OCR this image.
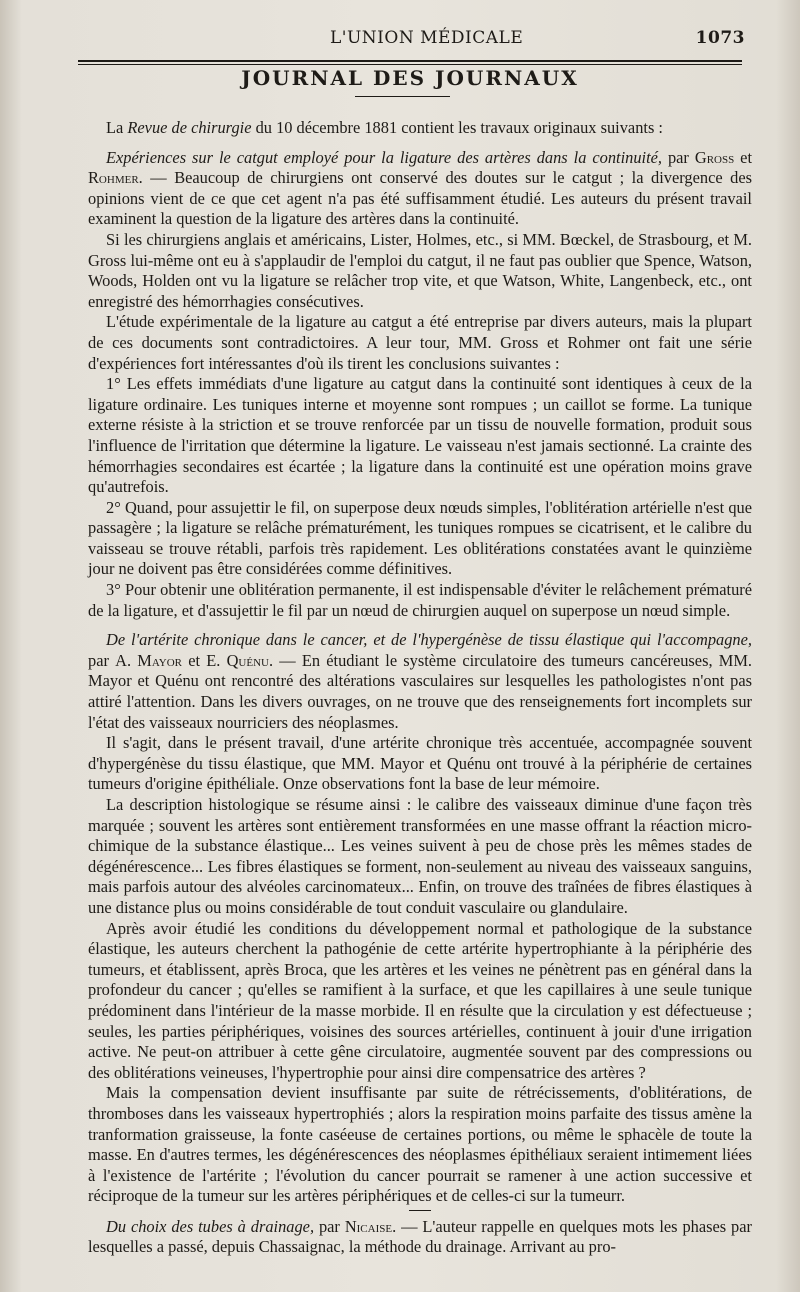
L'UNION MÉDICALE	1073
JOURNAL DES JOURNAUX

La Revue de chirurgie du 10 décembre 1881 contient les travaux originaux suivants :

Expériences sur le catgut employé pour la ligature des artères dans la continuité, par Gross et Rohmer. — Beaucoup de chirurgiens ont conservé des doutes sur le catgut ; la divergence des opinions vient de ce que cet agent n'a pas été suffisamment étudié. Les auteurs du présent travail examinent la question de la ligature des artères dans la continuité.

Si les chirurgiens anglais et américains, Lister, Holmes, etc., si MM. Bœckel, de Strasbourg, et M. Gross lui-même ont eu à s'applaudir de l'emploi du catgut, il ne faut pas oublier que Spence, Watson, Woods, Holden ont vu la ligature se relâcher trop vite, et que Watson, White, Langenbeck, etc., ont enregistré des hémorrhagies consécutives.

L'étude expérimentale de la ligature au catgut a été entreprise par divers auteurs, mais la plupart de ces documents sont contradictoires. A leur tour, MM. Gross et Rohmer ont fait une série d'expériences fort intéressantes d'où ils tirent les conclusions suivantes :

1° Les effets immédiats d'une ligature au catgut dans la continuité sont identiques à ceux de la ligature ordinaire. Les tuniques interne et moyenne sont rompues ; un caillot se forme. La tunique externe résiste à la striction et se trouve renforcée par un tissu de nouvelle formation, produit sous l'influence de l'irritation que détermine la ligature. Le vaisseau n'est jamais sectionné. La crainte des hémorrhagies secondaires est écartée ; la ligature dans la continuité est une opération moins grave qu'autrefois.

2° Quand, pour assujettir le fil, on superpose deux nœuds simples, l'oblitération artérielle n'est que passagère ; la ligature se relâche prématurément, les tuniques rompues se cicatrisent, et le calibre du vaisseau se trouve rétabli, parfois très rapidement. Les oblitérations constatées avant le quinzième jour ne doivent pas être considérées comme définitives.

3° Pour obtenir une oblitération permanente, il est indispensable d'éviter le relâchement prématuré de la ligature, et d'assujettir le fil par un nœud de chirurgien auquel on superpose un nœud simple.

De l'artérite chronique dans le cancer, et de l'hypergénèse de tissu élastique qui l'accompagne, par A. Mayor et E. Quénu. — En étudiant le système circulatoire des tumeurs cancéreuses, MM. Mayor et Quénu ont rencontré des altérations vasculaires sur lesquelles les pathologistes n'ont pas attiré l'attention. Dans les divers ouvrages, on ne trouve que des renseignements fort incomplets sur l'état des vaisseaux nourriciers des néoplasmes.

Il s'agit, dans le présent travail, d'une artérite chronique très accentuée, accompagnée souvent d'hypergénèse du tissu élastique, que MM. Mayor et Quénu ont trouvé à la périphérie de certaines tumeurs d'origine épithéliale. Onze observations font la base de leur mémoire.

La description histologique se résume ainsi : le calibre des vaisseaux diminue d'une façon très marquée ; souvent les artères sont entièrement transformées en une masse offrant la réaction micro-chimique de la substance élastique... Les veines suivent à peu de chose près les mêmes stades de dégénérescence... Les fibres élastiques se forment, non-seulement au niveau des vaisseaux sanguins, mais parfois autour des alvéoles carcinomateux... Enfin, on trouve des traînées de fibres élastiques à une distance plus ou moins considérable de tout conduit vasculaire ou glandulaire.

Après avoir étudié les conditions du développement normal et pathologique de la substance élastique, les auteurs cherchent la pathogénie de cette artérite hypertrophiante à la périphérie des tumeurs, et établissent, après Broca, que les artères et les veines ne pénètrent pas en général dans la profondeur du cancer ; qu'elles se ramifient à la surface, et que les capillaires à une seule tunique prédominent dans l'intérieur de la masse morbide. Il en résulte que la circulation y est défectueuse ; seules, les parties périphériques, voisines des sources artérielles, continuent à jouir d'une irrigation active. Ne peut-on attribuer à cette gêne circulatoire, augmentée souvent par des compressions ou des oblitérations veineuses, l'hypertrophie pour ainsi dire compensatrice des artères ?

Mais la compensation devient insuffisante par suite de rétrécissements, d'oblitérations, de thromboses dans les vaisseaux hypertrophiés ; alors la respiration moins parfaite des tissus amène la tranformation graisseuse, la fonte caséeuse de certaines portions, ou même le sphacèle de toute la masse. En d'autres termes, les dégénérescences des néoplasmes épithéliaux seraient intimement liées à l'existence de l'artérite ; l'évolution du cancer pourrait se ramener à une action successive et réciproque de la tumeur sur les artères périphériques et de celles-ci sur la tumeurr.

Du choix des tubes à drainage, par Nicaise. — L'auteur rappelle en quelques mots les phases par lesquelles a passé, depuis Chassaignac, la méthode du drainage. Arrivant au pro-
